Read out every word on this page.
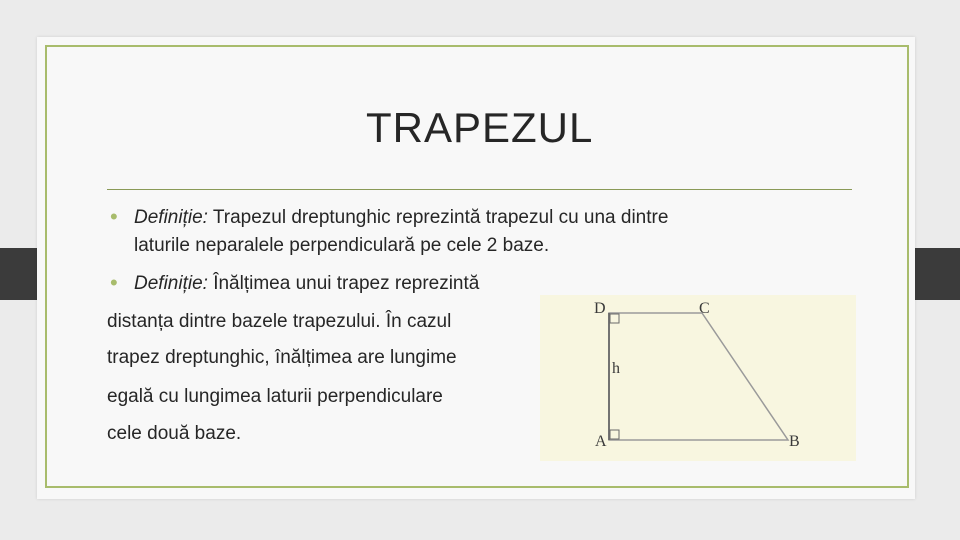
TRAPEZUL
• Definiție: Trapezul dreptunghic reprezintă trapezul cu una dintre
laturile neparalele perpendiculară pe cele 2 baze.
• Definiție: Înălțimea unui trapez reprezintă
distanța dintre bazele trapezului. În cazul
trapez dreptunghic, înălțimea are lungime
egală cu lungimea laturii perpendiculare
cele două baze.
D	C
h
A	B
